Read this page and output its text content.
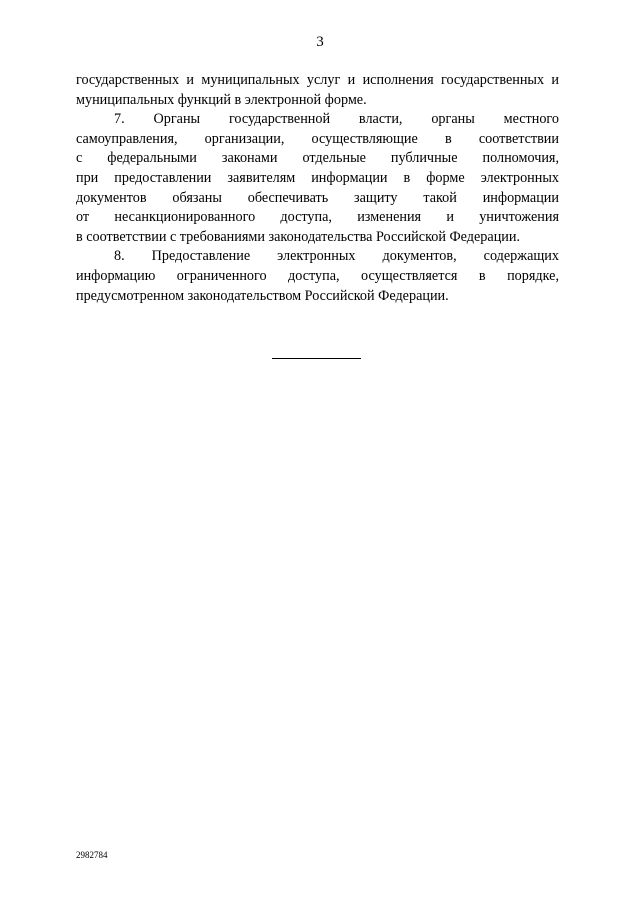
3
государственных и муниципальных услуг и исполнения государственных и
муниципальных функций в электронной форме.
7. Органы государственной власти, органы местного
самоуправления, организации, осуществляющие в соответствии
с федеральными законами отдельные публичные полномочия,
при предоставлении заявителям информации в форме электронных
документов обязаны обеспечивать защиту такой информации
от несанкционированного доступа, изменения и уничтожения
в соответствии с требованиями законодательства Российской Федерации.
8. Предоставление электронных документов, содержащих
информацию ограниченного доступа, осуществляется в порядке,
предусмотренном законодательством Российской Федерации.
2982784
